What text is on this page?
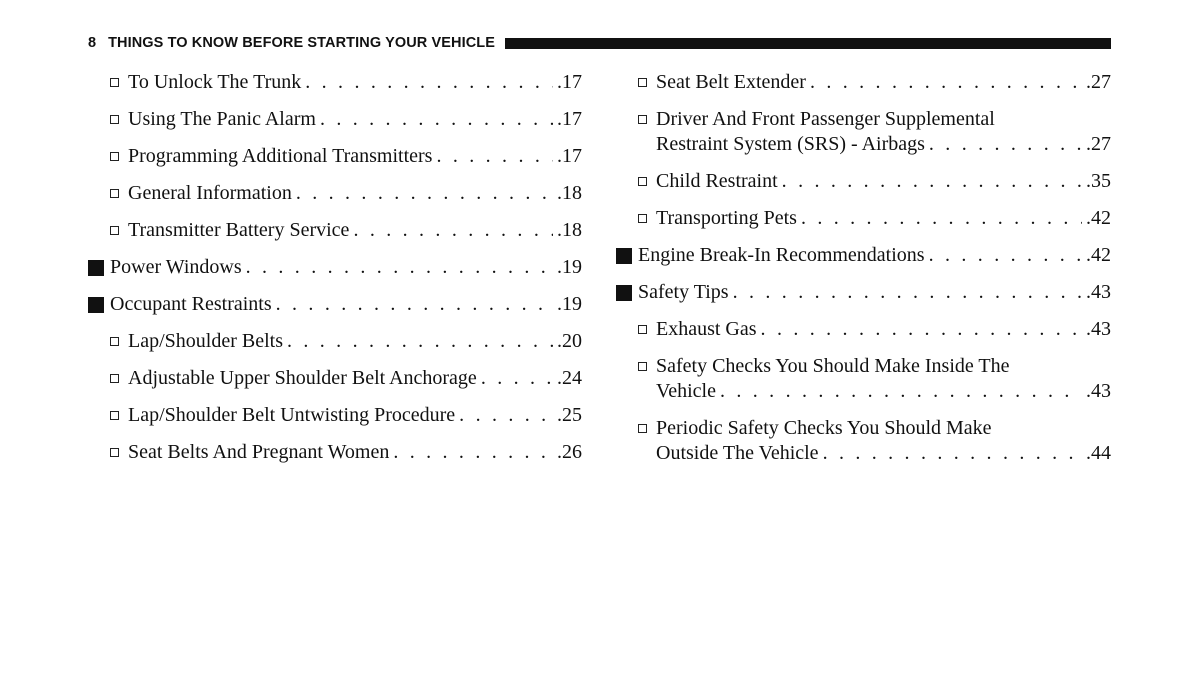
8 THINGS TO KNOW BEFORE STARTING YOUR VEHICLE
To Unlock The Trunk . . .	.17
Using The Panic Alarm . . .	.17
Programming Additional Transmitters . . .	.17
General Information . . .	.18
Transmitter Battery Service . . .	.18
Power Windows . . .	.19
Occupant Restraints . . .	.19
Lap/Shoulder Belts . . .	.20
Adjustable Upper Shoulder Belt Anchorage . . .	.24
Lap/Shoulder Belt Untwisting Procedure . . .	.25
Seat Belts And Pregnant Women . . .	.26
Seat Belt Extender . . .	.27
Driver And Front Passenger Supplemental
Restraint System (SRS) - Airbags . . .	.27
Child Restraint . . .	.35
Transporting Pets . . .	.42
Engine Break-In Recommendations . . .	.42
Safety Tips . . .	.43
Exhaust Gas . . .	.43
Safety Checks You Should Make Inside The
Vehicle . . .	.43
Periodic Safety Checks You Should Make
Outside The Vehicle . . .	.44
